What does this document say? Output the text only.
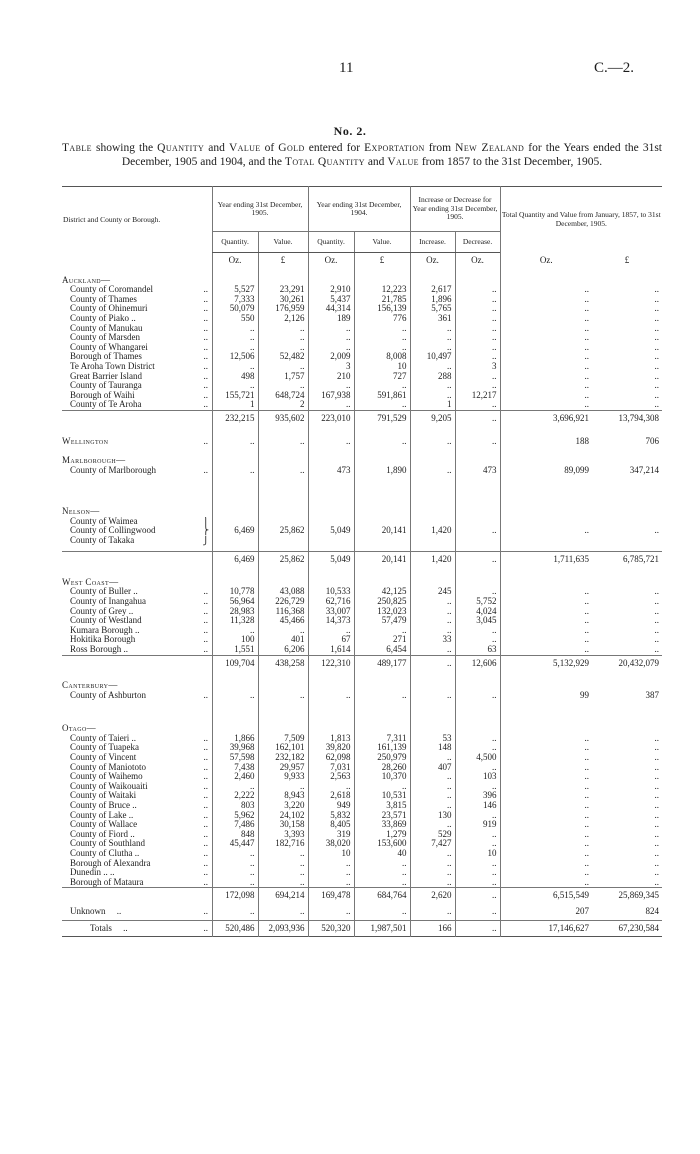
11	C.—2.
No. 2.
Table showing the Quantity and Value of Gold entered for Exportation from New Zealand for the Years ended the 31st December, 1905 and 1904, and the Total Quantity and Value from 1857 to the 31st December, 1905.
District and County or Borough.		Year ending 31st December, 1905.		Year ending 31st December, 1904.		Increase or Decrease for Year ending 31st December, 1905.		Total Quantity and Value from January, 1857, to 31st December, 1905.	
		Quantity.	Value.	Quantity.	Value.	Increase.	Decrease.		
		Oz.	£	Oz.	£	Oz.	Oz.	Oz.	£
Auckland—									
County of Coromandel	..	5,527	23,291	2,910	12,223	2,617	..	..	..
County of Thames	..	7,333	30,261	5,437	21,785	1,896	..	..	..
County of Ohinemuri	..	50,079	176,959	44,314	156,139	5,765	..	..	..
County of Piako ..	..	550	2,126	189	776	361	..	..	..
County of Manukau	..	..	..	..	..	..	..	..	..
County of Marsden	..	..	..	..	..	..	..	..	..
County of Whangarei	..	..	..	..	..	..	..	..	..
Borough of Thames	..	12,506	52,482	2,009	8,008	10,497	..	..	..
Te Aroha Town District	..	..	..	3	10	..	3	..	..
Great Barrier Island	..	498	1,757	210	727	288	..	..	..
County of Tauranga	..	..	..	..	..	..	..	..	..
Borough of Waihi	..	155,721	648,724	167,938	591,861	..	12,217	..	..
County of Te Aroha	..	1	2	..	..	1	..	..	..
		232,215	935,602	223,010	791,529	9,205	..	3,696,921	13,794,308
Wellington	..	..	..	..	..	..	..	188	706
Marlborough—									
County of Marlborough	..	..	..	473	1,890	..	473	89,099	347,214

Nelson—									
County of Waimea	⎫								
County of Collingwood	⎬	6,469	25,862	5,049	20,141	1,420	..	..	..
County of Takaka	⎭								

		6,469	25,862	5,049	20,141	1,420	..	1,711,635	6,785,721
West Coast—									
County of Buller ..	..	10,778	43,088	10,533	42,125	245	..	..	..
County of Inangahua	..	56,964	226,729	62,716	250,825	..	5,752	..	..
County of Grey ..	..	28,983	116,368	33,007	132,023	..	4,024	..	..
County of Westland	..	11,328	45,466	14,373	57,479	..	3,045	..	..
Kumara Borough ..	..	..	..	..	..	..	..	..	..
Hokitika Borough	..	100	401	67	271	33	..	..	..
Ross Borough ..	..	1,551	6,206	1,614	6,454	..	63	..	..
		109,704	438,258	122,310	489,177	..	12,606	5,132,929	20,432,079
Canterbury—									
County of Ashburton	..	..	..	..	..	..	..	99	387

Otago—									
County of Taieri ..	..	1,866	7,509	1,813	7,311	53	..	..	..
County of Tuapeka	..	39,968	162,101	39,820	161,139	148	..	..	..
County of Vincent	..	57,598	232,182	62,098	250,979	..	4,500	..	..
County of Maniototo	..	7,438	29,957	7,031	28,260	407	..	..	..
County of Waihemo	..	2,460	9,933	2,563	10,370	..	103	..	..
County of Waikouaiti	..	..	..	..	..	..	..	..	..
County of Waitaki	..	2,222	8,943	2,618	10,531	..	396	..	..
County of Bruce ..	..	803	3,220	949	3,815	..	146	..	..
County of Lake ..	..	5,962	24,102	5,832	23,571	130	..	..	..
County of Wallace	..	7,486	30,158	8,405	33,869	..	919	..	..
County of Fiord ..	..	848	3,393	319	1,279	529	..	..	..
County of Southland	..	45,447	182,716	38,020	153,600	7,427	..	..	..
County of Clutha ..	..	..	..	10	40	..	10	..	..
Borough of Alexandra	..	..	..	..	..	..	..	..	..
Dunedin .. ..	..	..	..	..	..	..	..	..	..
Borough of Mataura	..	..	..	..	..	..	..	..	..
		172,098	694,214	169,478	684,764	2,620	..	6,515,549	25,869,345
Unknown     ..	..	..	..	..	..	..	..	207	824
Totals     ..	..	520,486	2,093,936	520,320	1,987,501	166	..	17,146,627	67,230,584
